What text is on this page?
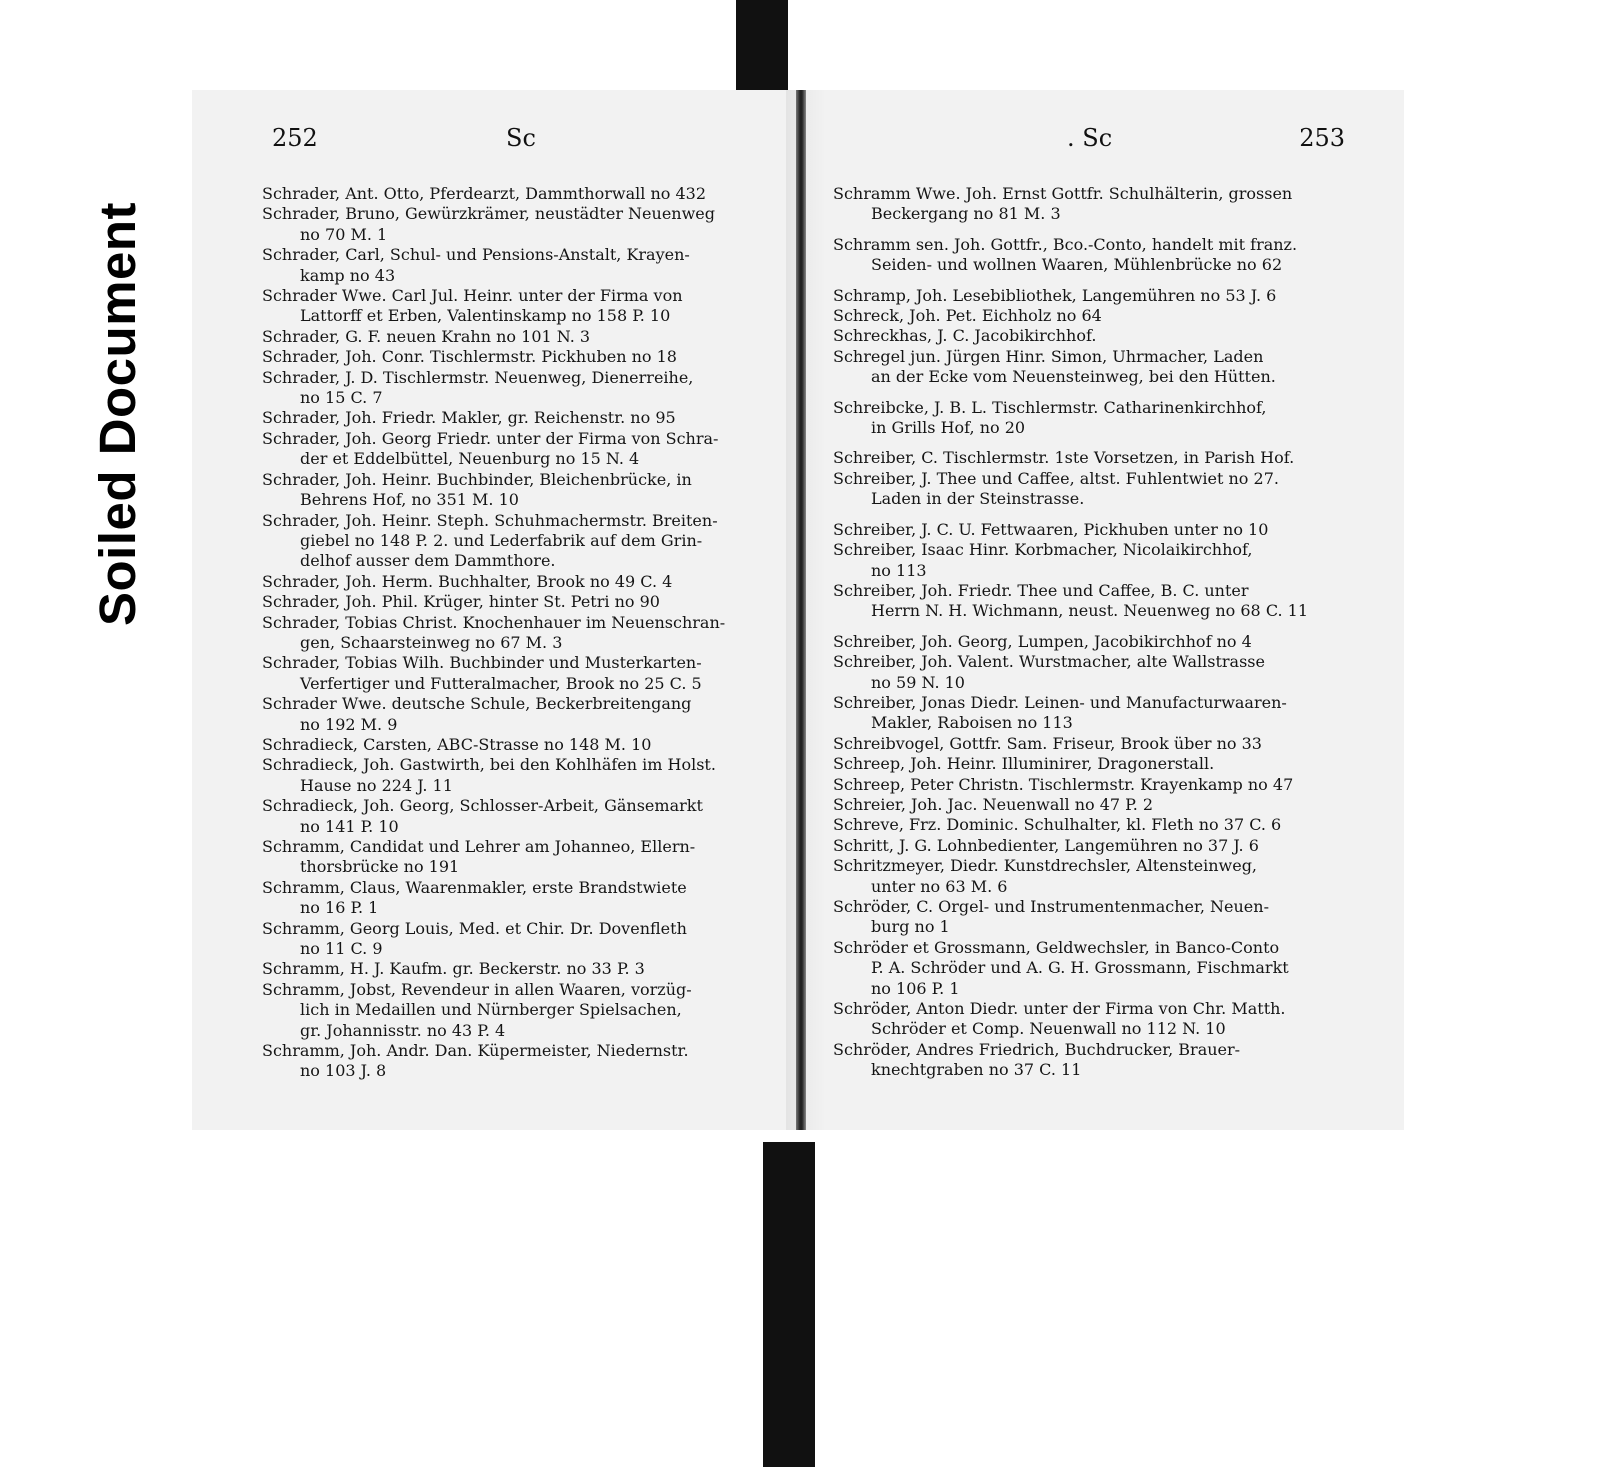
Soiled Document
252	Sc

Schrader, Ant. Otto, Pferdearzt, Dammthorwall no 432

Schrader, Bruno, Gewürzkrämer, neustädter Neuenweg
no 70 M. 1

Schrader, Carl, Schul- und Pensions-Anstalt, Krayen-
kamp no 43

Schrader Wwe. Carl Jul. Heinr. unter der Firma von
Lattorff et Erben, Valentinskamp no 158 P. 10

Schrader, G. F. neuen Krahn no 101 N. 3

Schrader, Joh. Conr. Tischlermstr. Pickhuben no 18

Schrader, J. D. Tischlermstr. Neuenweg, Dienerreihe,
no 15 C. 7

Schrader, Joh. Friedr. Makler, gr. Reichenstr. no 95

Schrader, Joh. Georg Friedr. unter der Firma von Schra-
der et Eddelbüttel, Neuenburg no 15 N. 4

Schrader, Joh. Heinr. Buchbinder, Bleichenbrücke, in
Behrens Hof, no 351 M. 10

Schrader, Joh. Heinr. Steph. Schuhmachermstr. Breiten-
giebel no 148 P. 2. und Lederfabrik auf dem Grin-
delhof ausser dem Dammthore.

Schrader, Joh. Herm. Buchhalter, Brook no 49 C. 4

Schrader, Joh. Phil. Krüger, hinter St. Petri no 90

Schrader, Tobias Christ. Knochenhauer im Neuenschran-
gen, Schaarsteinweg no 67 M. 3

Schrader, Tobias Wilh. Buchbinder und Musterkarten-
Verfertiger und Futteralmacher, Brook no 25 C. 5

Schrader Wwe. deutsche Schule, Beckerbreitengang
no 192 M. 9

Schradieck, Carsten, ABC-Strasse no 148 M. 10

Schradieck, Joh. Gastwirth, bei den Kohlhäfen im Holst.
Hause no 224 J. 11

Schradieck, Joh. Georg, Schlosser-Arbeit, Gänsemarkt
no 141 P. 10

Schramm, Candidat und Lehrer am Johanneo, Ellern-
thorsbrücke no 191

Schramm, Claus, Waarenmakler, erste Brandstwiete
no 16 P. 1

Schramm, Georg Louis, Med. et Chir. Dr. Dovenfleth
no 11 C. 9

Schramm, H. J. Kaufm. gr. Beckerstr. no 33 P. 3

Schramm, Jobst, Revendeur in allen Waaren, vorzüg-
lich in Medaillen und Nürnberger Spielsachen,
gr. Johannisstr. no 43 P. 4

Schramm, Joh. Andr. Dan. Küpermeister, Niedernstr.
no 103 J. 8

. Sc	253

Schramm Wwe. Joh. Ernst Gottfr. Schulhälterin, grossen
Beckergang no 81 M. 3

Schramm sen. Joh. Gottfr., Bco.-Conto, handelt mit franz.
Seiden- und wollnen Waaren, Mühlenbrücke no 62

Schramp, Joh. Lesebibliothek, Langemühren no 53 J. 6

Schreck, Joh. Pet. Eichholz no 64

Schreckhas, J. C. Jacobikirchhof.

Schregel jun. Jürgen Hinr. Simon, Uhrmacher, Laden
an der Ecke vom Neuensteinweg, bei den Hütten.

Schreibcke, J. B. L. Tischlermstr. Catharinenkirchhof,
in Grills Hof, no 20

Schreiber, C. Tischlermstr. 1ste Vorsetzen, in Parish Hof.

Schreiber, J. Thee und Caffee, altst. Fuhlentwiet no 27.
Laden in der Steinstrasse.

Schreiber, J. C. U. Fettwaaren, Pickhuben unter no 10

Schreiber, Isaac Hinr. Korbmacher, Nicolaikirchhof,
no 113

Schreiber, Joh. Friedr. Thee und Caffee, B. C. unter
Herrn N. H. Wichmann, neust. Neuenweg no 68 C. 11

Schreiber, Joh. Georg, Lumpen, Jacobikirchhof no 4

Schreiber, Joh. Valent. Wurstmacher, alte Wallstrasse
no 59 N. 10

Schreiber, Jonas Diedr. Leinen- und Manufacturwaaren-
Makler, Raboisen no 113

Schreibvogel, Gottfr. Sam. Friseur, Brook über no 33

Schreep, Joh. Heinr. Illuminirer, Dragonerstall.

Schreep, Peter Christn. Tischlermstr. Krayenkamp no 47

Schreier, Joh. Jac. Neuenwall no 47 P. 2

Schreve, Frz. Dominic. Schulhalter, kl. Fleth no 37 C. 6

Schritt, J. G. Lohnbedienter, Langemühren no 37 J. 6

Schritzmeyer, Diedr. Kunstdrechsler, Altensteinweg,
unter no 63 M. 6

Schröder, C. Orgel- und Instrumentenmacher, Neuen-
burg no 1

Schröder et Grossmann, Geldwechsler, in Banco-Conto
P. A. Schröder und A. G. H. Grossmann, Fischmarkt
no 106 P. 1

Schröder, Anton Diedr. unter der Firma von Chr. Matth.
Schröder et Comp. Neuenwall no 112 N. 10

Schröder, Andres Friedrich, Buchdrucker, Brauer-
knechtgraben no 37 C. 11
